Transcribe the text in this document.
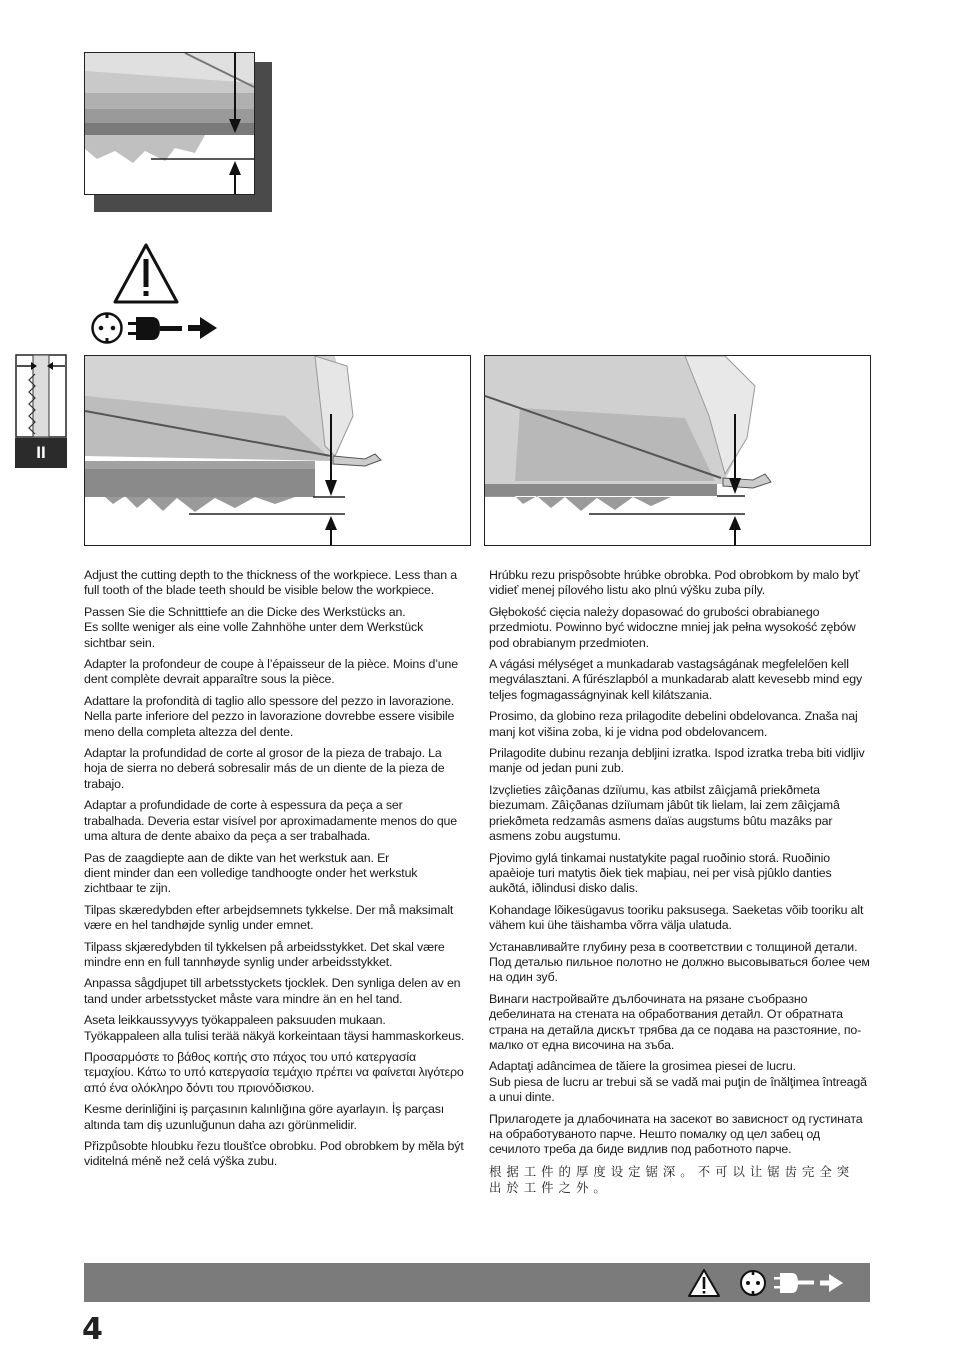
II

Adjust the cutting depth to the thickness of the workpiece. Less than a full tooth of the blade teeth should be visible below the workpiece.

Passen Sie die Schnitttiefe an die Dicke des Werkstücks an.
Es sollte weniger als eine volle Zahnhöhe unter dem Werkstück sichtbar sein.

Adapter la profondeur de coupe à l’épaisseur de la pièce. Moins d’une dent complète devrait apparaître sous la pièce.

Adattare la profondità di taglio allo spessore del pezzo in lavorazione. Nella parte inferiore del pezzo in lavorazione dovrebbe essere visibile meno della completa altezza del dente.

Adaptar la profundidad de corte al grosor de la pieza de trabajo. La hoja de sierra no deberá sobresalir más de un diente de la pieza de trabajo.

Adaptar a profundidade de corte à espessura da peça a ser trabalhada. Deveria estar visível por aproximadamente menos do que uma altura de dente abaixo da peça a ser trabalhada.

Pas de zaagdiepte aan de dikte van het werkstuk aan. Er
dient minder dan een volledige tandhoogte onder het werkstuk zichtbaar te zijn.

Tilpas skæredybden efter arbejdsemnets tykkelse. Der må maksimalt være en hel tandhøjde synlig under emnet.

Tilpass skjæredybden til tykkelsen på arbeidsstykket. Det skal være mindre enn en full tannhøyde synlig under arbeidsstykket.

Anpassa sågdjupet till arbetsstyckets tjocklek. Den synliga delen av en tand under arbetsstycket måste vara mindre än en hel tand.

Aseta leikkaussyvyys työkappaleen paksuuden mukaan.
Työkappaleen alla tulisi terää näkyä korkeintaan täysi hammaskorkeus.

Προσαρμόστε το βάθος κοπής στο πάχος του υπό κατεργασία τεμαχίου. Κάτω το υπό κατεργασία τεμάχιο πρέπει να φαίνεται λιγότερο από ένα ολόκληρο δόντι του πριονόδισκου.

Kesme derinliğini iş parçasının kalınlığına göre ayarlayın. İş parçası altında tam diş uzunluğunun daha azı görünmelidir.

Přizpůsobte hloubku řezu tloušťce obrobku. Pod obrobkem by měla být viditelná méně než celá výška zubu.

Hrúbku rezu prispôsobte hrúbke obrobka. Pod obrobkom by malo byť vidieť menej pílového listu ako plnú výšku zuba píly.

Głębokość cięcia należy dopasować do grubości obrabianego przedmiotu. Powinno być widoczne mniej jak pełna wysokość zębów pod obrabianym przedmioten.

A vágási mélységet a munkadarab vastagságának megfelelően kell megválasztani. A fűrészlapból a munkadarab alatt kevesebb mind egy teljes fogmagasságnyinak kell kilátszania.

Prosimo, da globino reza prilagodite debelini obdelovanca. Znaša naj manj kot višina zoba, ki je vidna pod obdelovancem.

Prilagodite dubinu rezanja debljini izratka. Ispod izratka treba biti vidljiv manje od jedan puni zub.

Izvçlieties zâìçðanas dziïumu, kas atbilst zâìçjamâ priekðmeta biezumam. Zâìçðanas dziïumam jâbût tik lielam, lai zem zâìçjamâ priekðmeta redzamâs asmens daïas augstums bûtu mazâks par asmens zobu augstumu.

Pjovimo gylá tinkamai nustatykite pagal ruoðinio storá. Ruoðinio apaèioje turi matytis ðiek tiek maþiau, nei per visà pjûklo danties aukðtá, iðlindusi disko dalis.

Kohandage lõikesügavus tooriku paksusega. Saeketas võib tooriku alt vähem kui ühe täishamba võrra välja ulatuda.

Устанавливайте глубину реза в соответствии с толщиной детали. Под деталью пильное полотно не должно высовываться более чем на один зуб.

Винаги настройвайте дълбочината на рязане съобразно дебелината на стената на обработвания детайл. От обратната страна на детайла дискът трябва да се подава на разстояние, по-малко от една височина на зъба.

Adaptaţi adâncimea de tăiere la grosimea piesei de lucru.
Sub piesa de lucru ar trebui să se vadă mai puţin de înălţimea întreagă a unui dinte.

Прилагодете ја длабочината на засекот во зависност од густината на обработуваното парче. Нешто помалку од цел забец од сечилото треба да биде видлив под работното парче.

根据工件的厚度设定锯深。不可以让锯齿完全突出於工件之外。

4
